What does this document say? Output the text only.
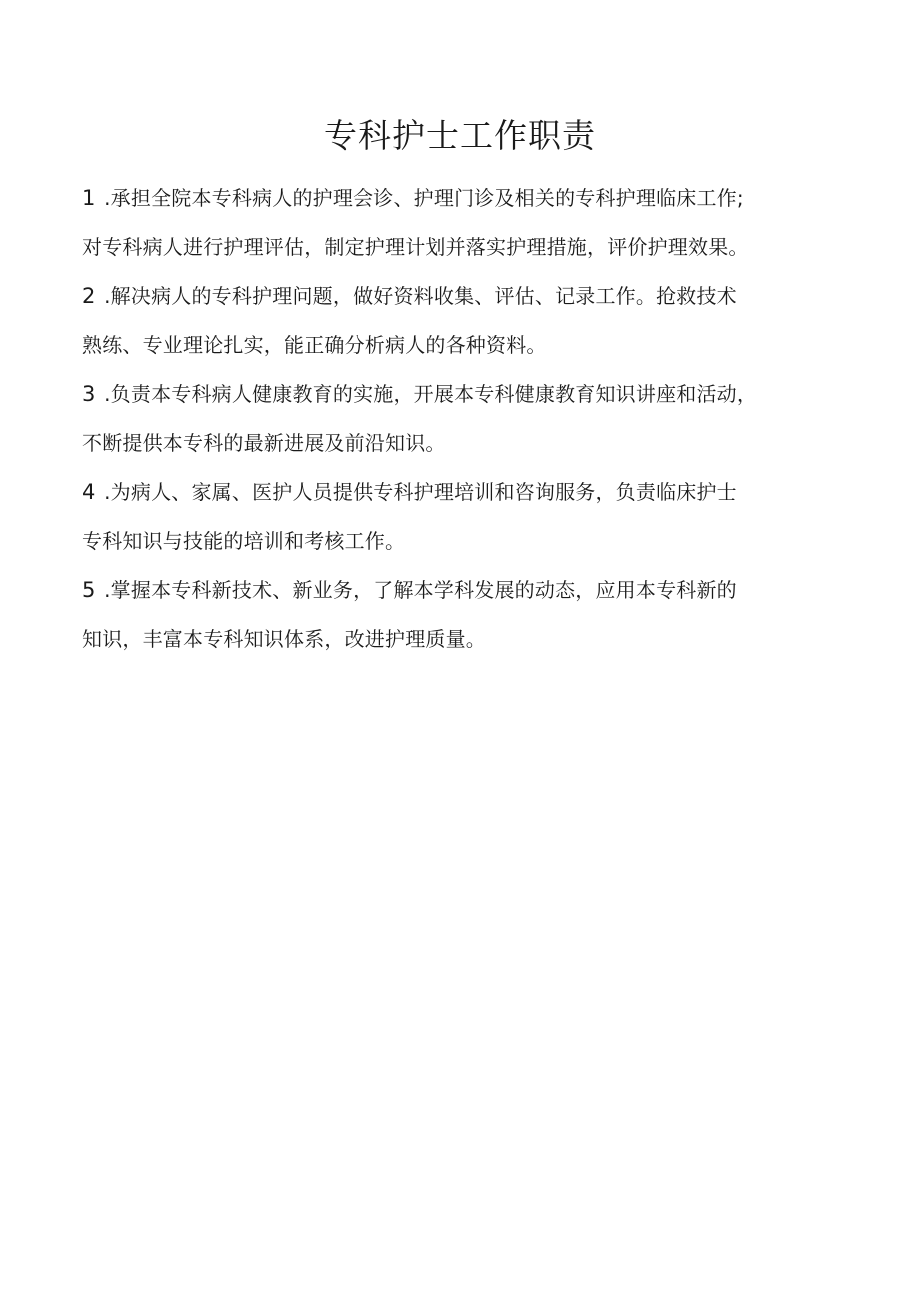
专科护士工作职责
1 .承担全院本专科病人的护理会诊、护理门诊及相关的专科护理临床工作;
对专科病人进行护理评估，制定护理计划并落实护理措施，评价护理效果。
2 .解决病人的专科护理问题，做好资料收集、评估、记录工作。抢救技术
熟练、专业理论扎实，能正确分析病人的各种资料。
3 .负责本专科病人健康教育的实施，开展本专科健康教育知识讲座和活动，
不断提供本专科的最新进展及前沿知识。
4 .为病人、家属、医护人员提供专科护理培训和咨询服务，负责临床护士
专科知识与技能的培训和考核工作。
5 .掌握本专科新技术、新业务，了解本学科发展的动态，应用本专科新的
知识，丰富本专科知识体系，改进护理质量。
